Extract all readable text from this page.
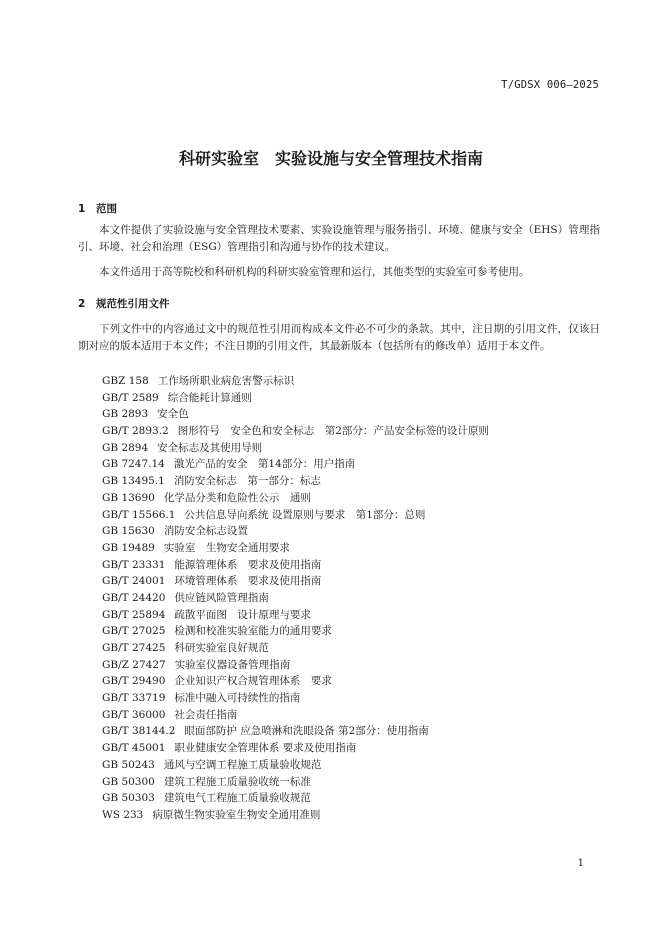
T/GDSX 006—2025
科研实验室　实验设施与安全管理技术指南
1 范围

本文件提供了实验设施与安全管理技术要素、实验设施管理与服务指引、环境、健康与安全（EHS）管理指引、环境、社会和治理（ESG）管理指引和沟通与协作的技术建议。

本文件适用于高等院校和科研机构的科研实验室管理和运行，其他类型的实验室可参考使用。

2 规范性引用文件

下列文件中的内容通过文中的规范性引用而构成本文件必不可少的条款。其中，注日期的引用文件，仅该日期对应的版本适用于本文件；不注日期的引用文件，其最新版本（包括所有的修改单）适用于本文件。

GBZ 158 工作场所职业病危害警示标识
GB/T 2589 综合能耗计算通则
GB 2893 安全色
GB/T 2893.2 图形符号　安全色和安全标志　第2部分：产品安全标签的设计原则
GB 2894 安全标志及其使用导则
GB 7247.14 激光产品的安全　第14部分：用户指南
GB 13495.1 消防安全标志　第一部分：标志
GB 13690 化学品分类和危险性公示　通则
GB/T 15566.1 公共信息导向系统 设置原则与要求　第1部分：总则
GB 15630 消防安全标志设置
GB 19489 实验室　生物安全通用要求
GB/T 23331 能源管理体系　要求及使用指南
GB/T 24001 环境管理体系　要求及使用指南
GB/T 24420 供应链风险管理指南
GB/T 25894 疏散平面图　设计原理与要求
GB/T 27025 检测和校准实验室能力的通用要求
GB/T 27425 科研实验室良好规范
GB/Z 27427 实验室仪器设备管理指南
GB/T 29490 企业知识产权合规管理体系　要求
GB/T 33719 标准中融入可持续性的指南
GB/T 36000 社会责任指南
GB/T 38144.2 眼面部防护 应急喷淋和洗眼设备 第2部分：使用指南
GB/T 45001 职业健康安全管理体系 要求及使用指南
GB 50243 通风与空调工程施工质量验收规范
GB 50300 建筑工程施工质量验收统一标准
GB 50303 建筑电气工程施工质量验收规范
WS 233 病原微生物实验室生物安全通用准则
1
